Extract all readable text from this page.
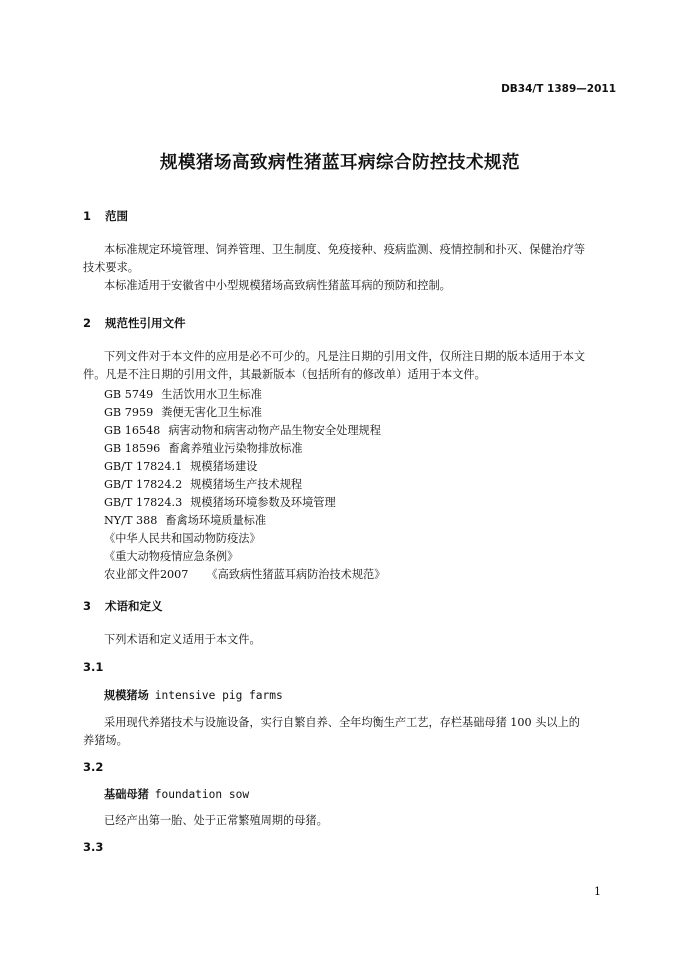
DB34/T 1389—2011
规模猪场高致病性猪蓝耳病综合防控技术规范
1 范围
本标准规定环境管理、饲养管理、卫生制度、免疫接种、疫病监测、疫情控制和扑灭、保健治疗等
技术要求。
本标准适用于安徽省中小型规模猪场高致病性猪蓝耳病的预防和控制。
2 规范性引用文件
下列文件对于本文件的应用是必不可少的。凡是注日期的引用文件，仅所注日期的版本适用于本文
件。凡是不注日期的引用文件，其最新版本（包括所有的修改单）适用于本文件。
GB 5749 生活饮用水卫生标准
GB 7959 粪便无害化卫生标准
GB 16548 病害动物和病害动物产品生物安全处理规程
GB 18596 畜禽养殖业污染物排放标准
GB/T 17824.1 规模猪场建设
GB/T 17824.2 规模猪场生产技术规程
GB/T 17824.3 规模猪场环境参数及环境管理
NY/T 388 畜禽场环境质量标准
《中华人民共和国动物防疫法》
《重大动物疫情应急条例》
农业部文件2007 《高致病性猪蓝耳病防治技术规范》
3 术语和定义
下列术语和定义适用于本文件。
3.1
规模猪场 intensive pig farms
采用现代养猪技术与设施设备，实行自繁自养、全年均衡生产工艺，存栏基础母猪 100 头以上的
养猪场。
3.2
基础母猪 foundation sow
已经产出第一胎、处于正常繁殖周期的母猪。
3.3
1
